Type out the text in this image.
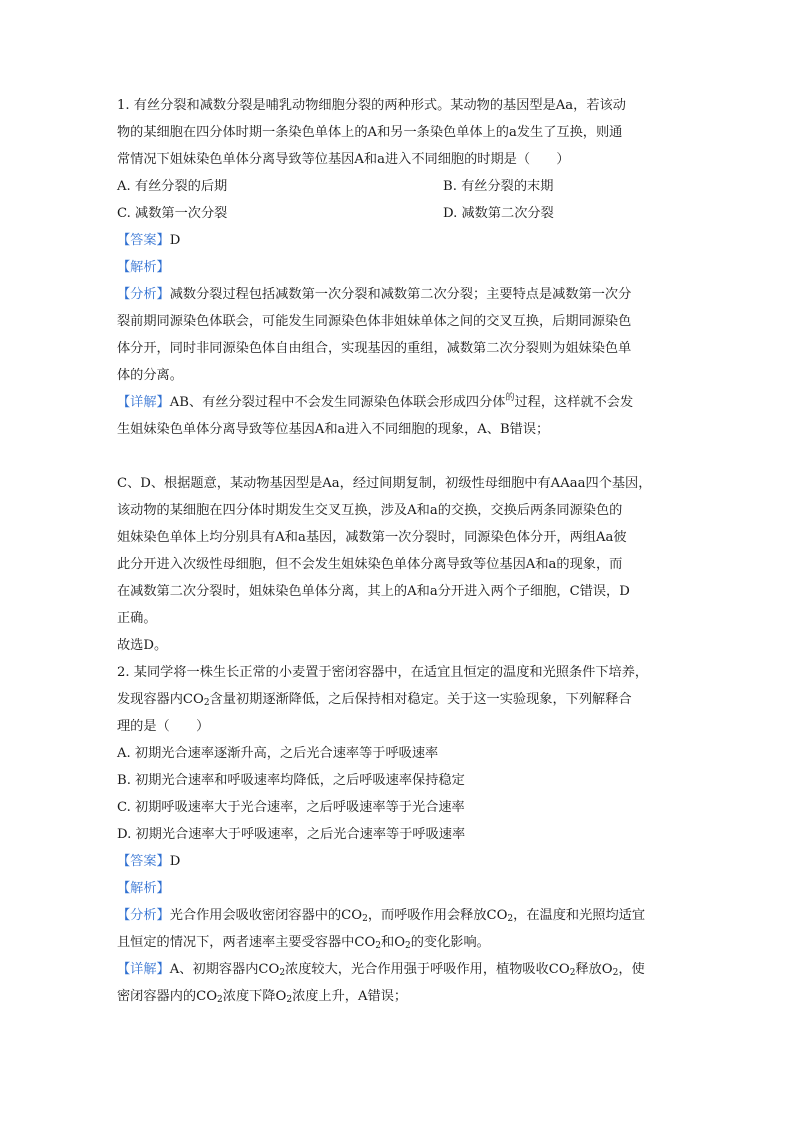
1. 有丝分裂和减数分裂是哺乳动物细胞分裂的两种形式。某动物的基因型是Aa，若该动
物的某细胞在四分体时期一条染色单体上的A和另一条染色单体上的a发生了互换，则通
常情况下姐妹染色单体分离导致等位基因A和a进入不同细胞的时期是（　　）
A. 有丝分裂的后期	B. 有丝分裂的末期
C. 减数第一次分裂	D. 减数第二次分裂
【答案】D
【解析】
【分析】减数分裂过程包括减数第一次分裂和减数第二次分裂；主要特点是减数第一次分
裂前期同源染色体联会，可能发生同源染色体非姐妹单体之间的交叉互换，后期同源染色
体分开，同时非同源染色体自由组合，实现基因的重组，减数第二次分裂则为姐妹染色单
体的分离。
【详解】AB、有丝分裂过程中不会发生同源染色体联会形成四分体$^的$过程，这样就不会发
生姐妹染色单体分离导致等位基因A和a进入不同细胞的现象，A、B错误；
C、D、根据题意，某动物基因型是Aa，经过间期复制，初级性母细胞中有AAaa四个基因，
该动物的某细胞在四分体时期发生交叉互换，涉及A和a的交换，交换后两条同源染色的
姐妹染色单体上均分别具有A和a基因，减数第一次分裂时，同源染色体分开，两组Aa彼
此分开进入次级性母细胞，但不会发生姐妹染色单体分离导致等位基因A和a的现象，而
在减数第二次分裂时，姐妹染色单体分离，其上的A和a分开进入两个子细胞，C错误，D
正确。
故选D。
2. 某同学将一株生长正常的小麦置于密闭容器中，在适宜且恒定的温度和光照条件下培养，
发现容器内$CO_2$含量初期逐渐降低，之后保持相对稳定。关于这一实验现象，下列解释合
理的是（　　）
A. 初期光合速率逐渐升高，之后光合速率等于呼吸速率
B. 初期光合速率和呼吸速率均降低，之后呼吸速率保持稳定
C. 初期呼吸速率大于光合速率，之后呼吸速率等于光合速率
D. 初期光合速率大于呼吸速率，之后光合速率等于呼吸速率
【答案】D
【解析】
【分析】光合作用会吸收密闭容器中的$CO_2$，而呼吸作用会释放$CO_2$，在温度和光照均适宜
且恒定的情况下，两者速率主要受容器中$CO_2$和$O_2$的变化影响。
【详解】A、初期容器内$CO_2$浓度较大，光合作用强于呼吸作用，植物吸收$CO_2$释放$O_2$，使
密闭容器内的$CO_2$浓度下降$O_2$浓度上升，A错误；
